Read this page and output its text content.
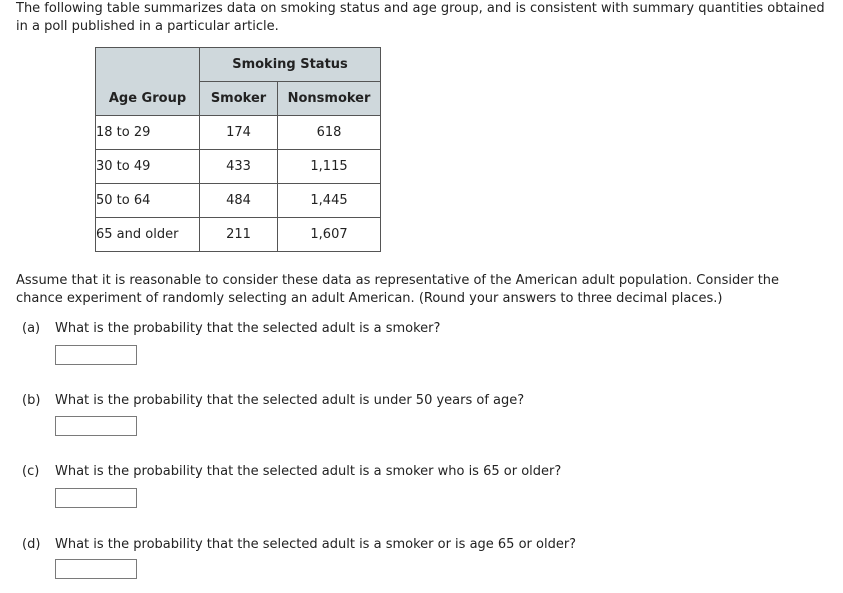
The following table summarizes data on smoking status and age group, and is consistent with summary quantities obtained in a poll published in a particular article.

	Smoking Status	
Age Group	Smoker	Nonsmoker
18 to 29	174	618
30 to 49	433	1,115
50 to 64	484	1,445
65 and older	211	1,607

Assume that it is reasonable to consider these data as representative of the American adult population. Consider the chance experiment of randomly selecting an adult American. (Round your answers to three decimal places.)

(a) What is the probability that the selected adult is a smoker?
(b) What is the probability that the selected adult is under 50 years of age?
(c) What is the probability that the selected adult is a smoker who is 65 or older?
(d) What is the probability that the selected adult is a smoker or is age 65 or older?
